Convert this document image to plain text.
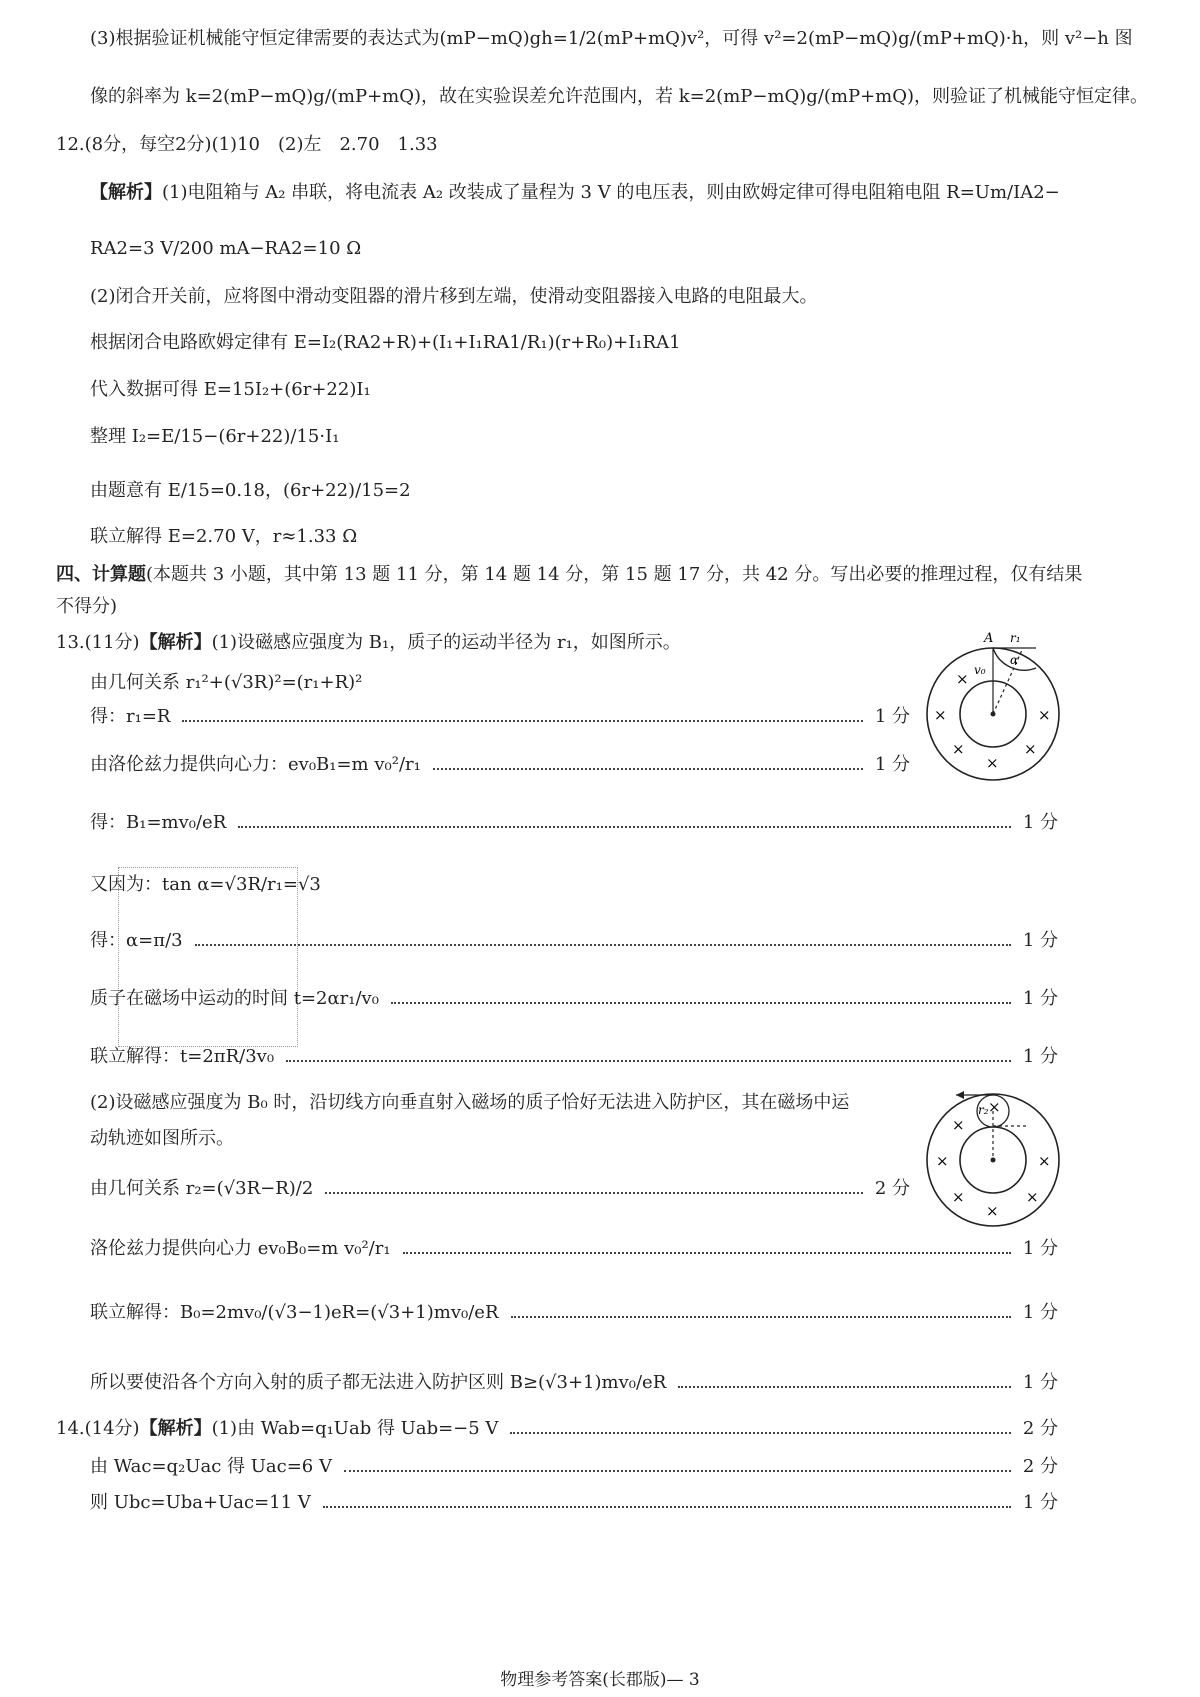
(3)根据验证机械能守恒定律需要的表达式为(mP−mQ)gh=1/2(mP+mQ)v²，可得 v²=2(mP−mQ)g/(mP+mQ)·h，则 v²−h 图
像的斜率为 k=2(mP−mQ)g/(mP+mQ)，故在实验误差允许范围内，若 k=2(mP−mQ)g/(mP+mQ)，则验证了机械能守恒定律。
12.(8分，每空2分)(1)10　(2)左　2.70　1.33
【解析】(1)电阻箱与 A₂ 串联，将电流表 A₂ 改装成了量程为 3 V 的电压表，则由欧姆定律可得电阻箱电阻 R=Um/IA2−
RA2=3 V/200 mA−RA2=10 Ω
(2)闭合开关前，应将图中滑动变阻器的滑片移到左端，使滑动变阻器接入电路的电阻最大。
根据闭合电路欧姆定律有 E=I₂(RA2+R)+(I₁+I₁RA1/R₁)(r+R₀)+I₁RA1
代入数据可得 E=15I₂+(6r+22)I₁
整理 I₂=E/15−(6r+22)/15·I₁
由题意有 E/15=0.18，(6r+22)/15=2
联立解得 E=2.70 V，r≈1.33 Ω
四、计算题(本题共 3 小题，其中第 13 题 11 分，第 14 题 14 分，第 15 题 17 分，共 42 分。写出必要的推理过程，仅有结果
不得分)
13.(11分)【解析】(1)设磁感应强度为 B₁，质子的运动半径为 r₁，如图所示。
由几何关系 r₁²+(√3R)²=(r₁+R)²
得：r₁=R	1 分
由洛伦兹力提供向心力：ev₀B₁=m v₀²/r₁	1 分
得：B₁=mv₀/eR	1 分
又因为：tan α=√3R/r₁=√3
得：α=π/3	1 分
质子在磁场中运动的时间 t=2αr₁/v₀	1 分
联立解得：t=2πR/3v₀	1 分
(2)设磁感应强度为 B₀ 时，沿切线方向垂直射入磁场的质子恰好无法进入防护区，其在磁场中运
动轨迹如图所示。
由几何关系 r₂=(√3R−R)/2	2 分
洛伦兹力提供向心力 ev₀B₀=m v₀²/r₁	1 分
联立解得：B₀=2mv₀/(√3−1)eR=(√3+1)mv₀/eR	1 分
所以要使沿各个方向入射的质子都无法进入防护区则 B≥(√3+1)mv₀/eR	1 分
14.(14分)【解析】(1)由 Wab=q₁Uab 得 Uab=−5 V	2 分
由 Wac=q₂Uac 得 Uac=6 V	2 分
则 Ubc=Uba+Uac=11 V	1 分
A r₁
v₀
α
×	×
×
×	×
×
r₂ ×
×	×
×
×	×
×
物理参考答案(长郡版)— 3
